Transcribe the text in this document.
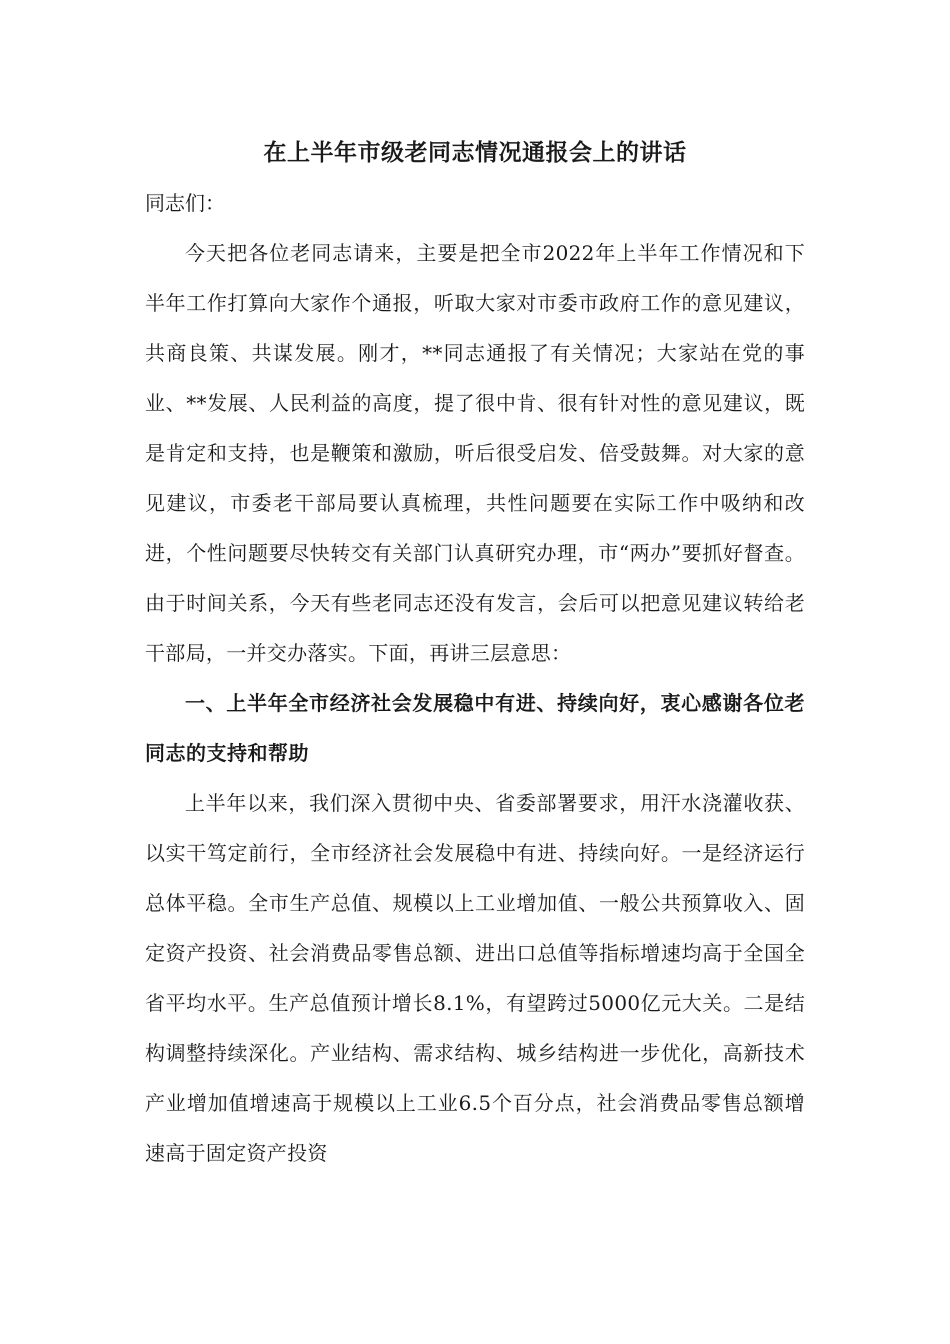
在上半年市级老同志情况通报会上的讲话

同志们：

今天把各位老同志请来，主要是把全市2022年上半年工作情况和下半年工作打算向大家作个通报，听取大家对市委市政府工作的意见建议，共商良策、共谋发展。刚才，**同志通报了有关情况；大家站在党的事业、**发展、人民利益的高度，提了很中肯、很有针对性的意见建议，既是肯定和支持，也是鞭策和激励，听后很受启发、倍受鼓舞。对大家的意见建议，市委老干部局要认真梳理，共性问题要在实际工作中吸纳和改进，个性问题要尽快转交有关部门认真研究办理，市“两办”要抓好督查。由于时间关系，今天有些老同志还没有发言，会后可以把意见建议转给老干部局，一并交办落实。下面，再讲三层意思：

一、上半年全市经济社会发展稳中有进、持续向好，衷心感谢各位老同志的支持和帮助

上半年以来，我们深入贯彻中央、省委部署要求，用汗水浇灌收获、以实干笃定前行，全市经济社会发展稳中有进、持续向好。一是经济运行总体平稳。全市生产总值、规模以上工业增加值、一般公共预算收入、固定资产投资、社会消费品零售总额、进出口总值等指标增速均高于全国全省平均水平。生产总值预计增长8.1%，有望跨过5000亿元大关。二是结构调整持续深化。产业结构、需求结构、城乡结构进一步优化，高新技术产业增加值增速高于规模以上工业6.5个百分点，社会消费品零售总额增速高于固定资产投资
